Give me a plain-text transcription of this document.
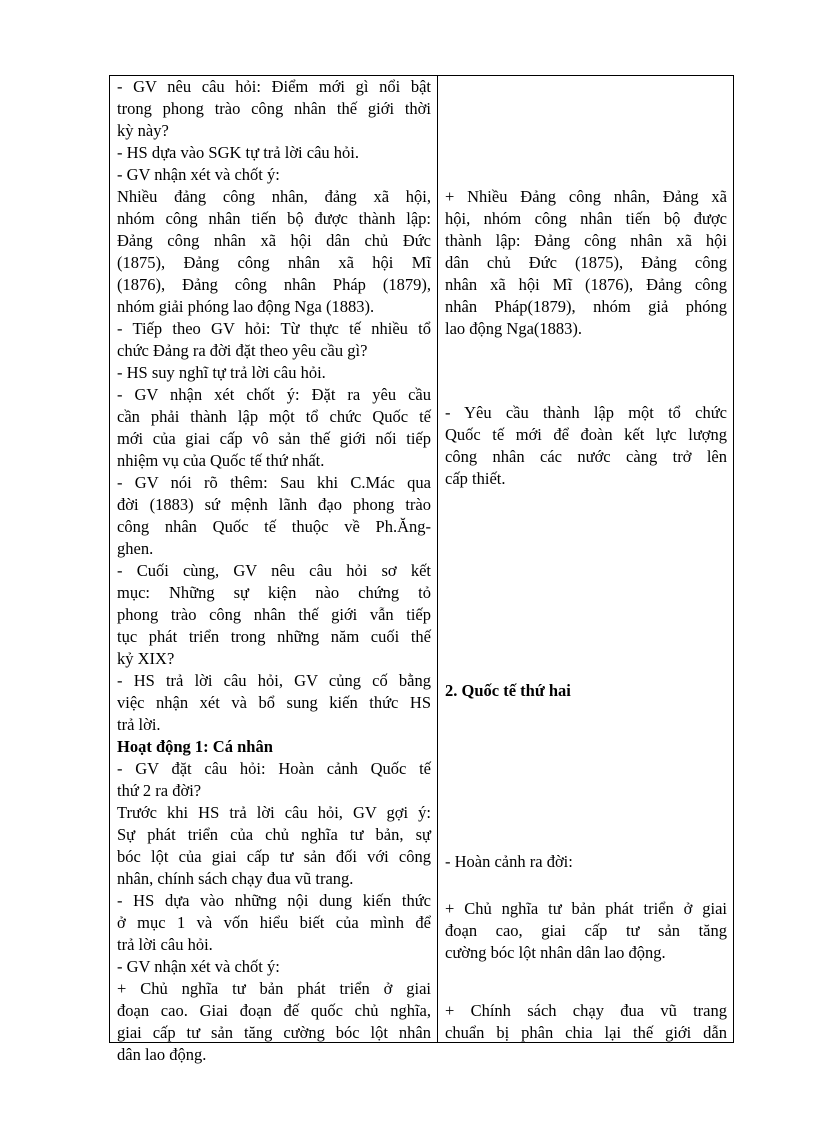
- GV nêu câu hỏi: Điểm mới gì nổi bật
trong phong trào công nhân thế giới thời
kỳ này?
- HS dựa vào SGK tự trả lời câu hỏi.
- GV nhận xét và chốt ý:
Nhiều đảng công nhân, đảng xã hội,
nhóm công nhân tiến bộ được thành lập:
Đảng công nhân xã hội dân chủ Đức
(1875), Đảng công nhân xã hội Mĩ
(1876), Đảng công nhân Pháp (1879),
nhóm giải phóng lao động Nga (1883).
- Tiếp theo GV hỏi: Từ thực tế nhiều tổ
chức Đảng ra đời đặt theo yêu cầu gì?
- HS suy nghĩ tự trả lời câu hỏi.
- GV nhận xét chốt ý: Đặt ra yêu cầu
cần phải thành lập một tổ chức Quốc tế
mới của giai cấp vô sản thế giới nối tiếp
nhiệm vụ của Quốc tế thứ nhất.
- GV nói rõ thêm: Sau khi C.Mác qua
đời (1883) sứ mệnh lãnh đạo phong trào
công nhân Quốc tế thuộc về Ph.Ăng-
ghen.
- Cuối cùng, GV nêu câu hỏi sơ kết
mục: Những sự kiện nào chứng tỏ
phong trào công nhân thế giới vẫn tiếp
tục phát triển trong những năm cuối thế
kỷ XIX?
- HS trả lời câu hỏi, GV củng cố bằng
việc nhận xét và bổ sung kiến thức HS
trả lời.
Hoạt động 1: Cá nhân
- GV đặt câu hỏi: Hoàn cảnh Quốc tế
thứ 2 ra đời?
Trước khi HS trả lời câu hỏi, GV gợi ý:
Sự phát triển của chủ nghĩa tư bản, sự
bóc lột của giai cấp tư sản đối với công
nhân, chính sách chạy đua vũ trang.
- HS dựa vào những nội dung kiến thức
ở mục 1 và vốn hiểu biết của mình để
trả lời câu hỏi.
- GV nhận xét và chốt ý:
+ Chủ nghĩa tư bản phát triển ở giai
đoạn cao. Giai đoạn đế quốc chủ nghĩa,
giai cấp tư sản tăng cường bóc lột nhân
dân lao động.
+ Nhiều Đảng công nhân, Đảng xã
hội, nhóm công nhân tiến bộ được
thành lập: Đảng công nhân xã hội
dân chủ Đức (1875), Đảng công
nhân xã hội Mĩ (1876), Đảng công
nhân Pháp(1879), nhóm giả phóng
lao động Nga(1883).
- Yêu cầu thành lập một tổ chức
Quốc tế mới để đoàn kết lực lượng
công nhân các nước càng trở lên
cấp thiết.
2. Quốc tế thứ hai
- Hoàn cảnh ra đời:
+ Chủ nghĩa tư bản phát triển ở giai
đoạn cao, giai cấp tư sản tăng
cường bóc lột nhân dân lao động.
+ Chính sách chạy đua vũ trang
chuẩn bị phân chia lại thế giới dẫn
